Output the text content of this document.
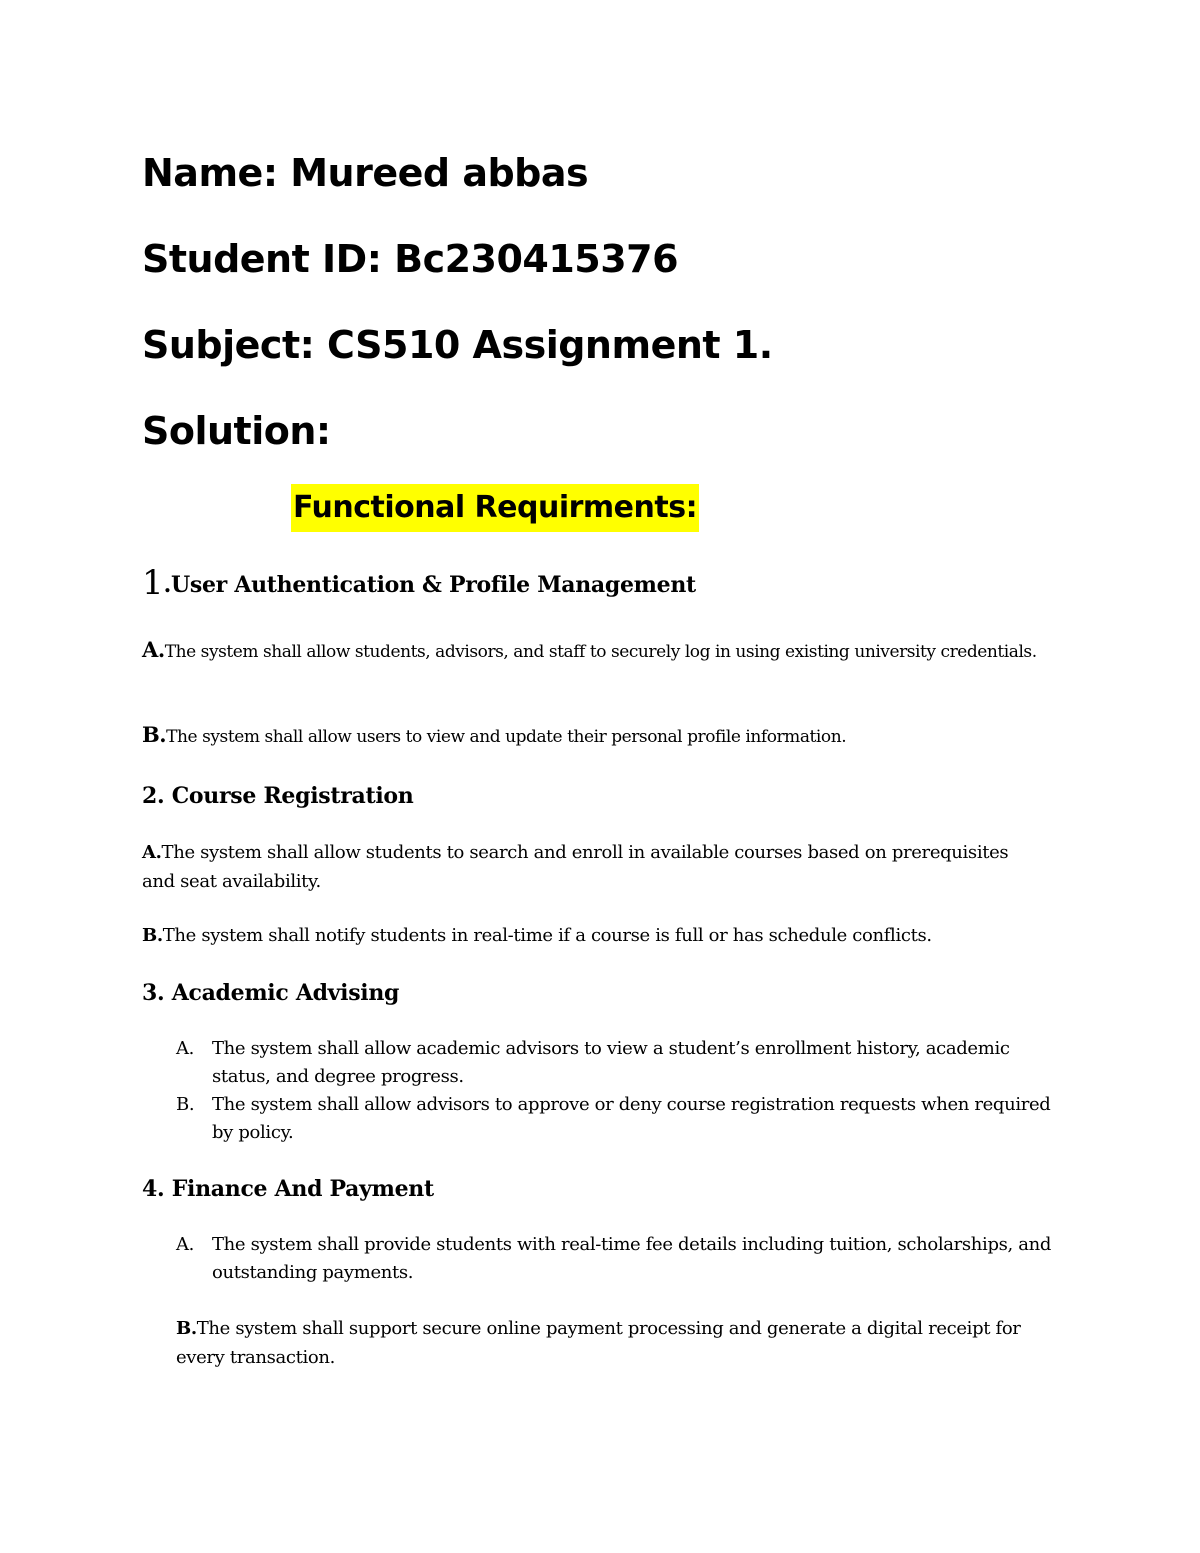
Name: Mureed abbas
Student ID: Bc230415376
Subject: CS510 Assignment 1.
Solution:
Functional Requirments:
1.User Authentication & Profile Management
A.The system shall allow students, advisors, and staff to securely log in using existing university credentials.
B.The system shall allow users to view and update their personal profile information.
2. Course Registration
A.The system shall allow students to search and enroll in available courses based on prerequisites and seat availability.
B.The system shall notify students in real-time if a course is full or has schedule conflicts.
3. Academic Advising
A. The system shall allow academic advisors to view a student’s enrollment history, academic status, and degree progress.
B. The system shall allow advisors to approve or deny course registration requests when required by policy.
4. Finance And Payment
A. The system shall provide students with real-time fee details including tuition, scholarships, and outstanding payments.
B.The system shall support secure online payment processing and generate a digital receipt for every transaction.
